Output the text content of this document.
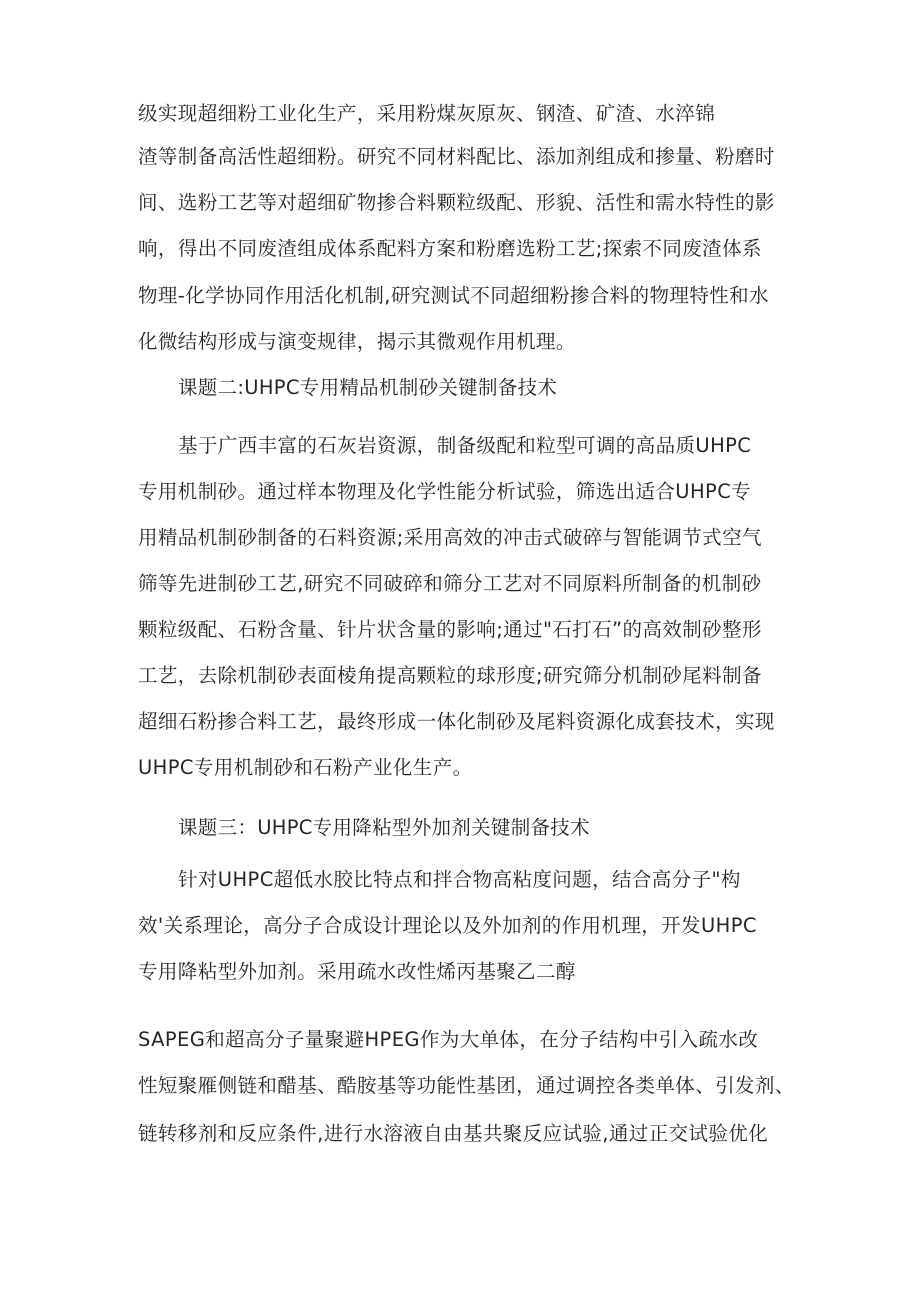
级实现超细粉工业化生产，采用粉煤灰原灰、钢渣、矿渣、水淬锦

渣等制备高活性超细粉。研究不同材料配比、添加剂组成和掺量、粉磨时

间、选粉工艺等对超细矿物掺合料颗粒级配、形貌、活性和需水特性的影

响，得出不同废渣组成体系配料方案和粉磨选粉工艺;探索不同废渣体系

物理-化学协同作用活化机制,研究测试不同超细粉掺合料的物理特性和水

化微结构形成与演变规律，揭示其微观作用机理。

课题二:UHPC专用精品机制砂关键制备技术

基于广西丰富的石灰岩资源，制备级配和粒型可调的高品质UHPC

专用机制砂。通过样本物理及化学性能分析试验，筛选出适合UHPC专

用精品机制砂制备的石料资源;采用高效的冲击式破碎与智能调节式空气

筛等先进制砂工艺,研究不同破碎和筛分工艺对不同原料所制备的机制砂

颗粒级配、石粉含量、针片状含量的影响;通过"石打石”的高效制砂整形

工艺，去除机制砂表面棱角提高颗粒的球形度;研究筛分机制砂尾料制备

超细石粉掺合料工艺，最终形成一体化制砂及尾料资源化成套技术，实现

UHPC专用机制砂和石粉产业化生产。

课题三：UHPC专用降粘型外加剂关键制备技术

针对UHPC超低水胶比特点和拌合物高粘度问题，结合高分子"构

效'关系理论，高分子合成设计理论以及外加剂的作用机理，开发UHPC

专用降粘型外加剂。采用疏水改性烯丙基聚乙二醇

SAPEG和超高分子量聚避HPEG作为大单体，在分子结构中引入疏水改

性短聚雁侧链和醋基、酷胺基等功能性基团，通过调控各类单体、引发剂、

链转移剂和反应条件,进行水溶液自由基共聚反应试验,通过正交试验优化
